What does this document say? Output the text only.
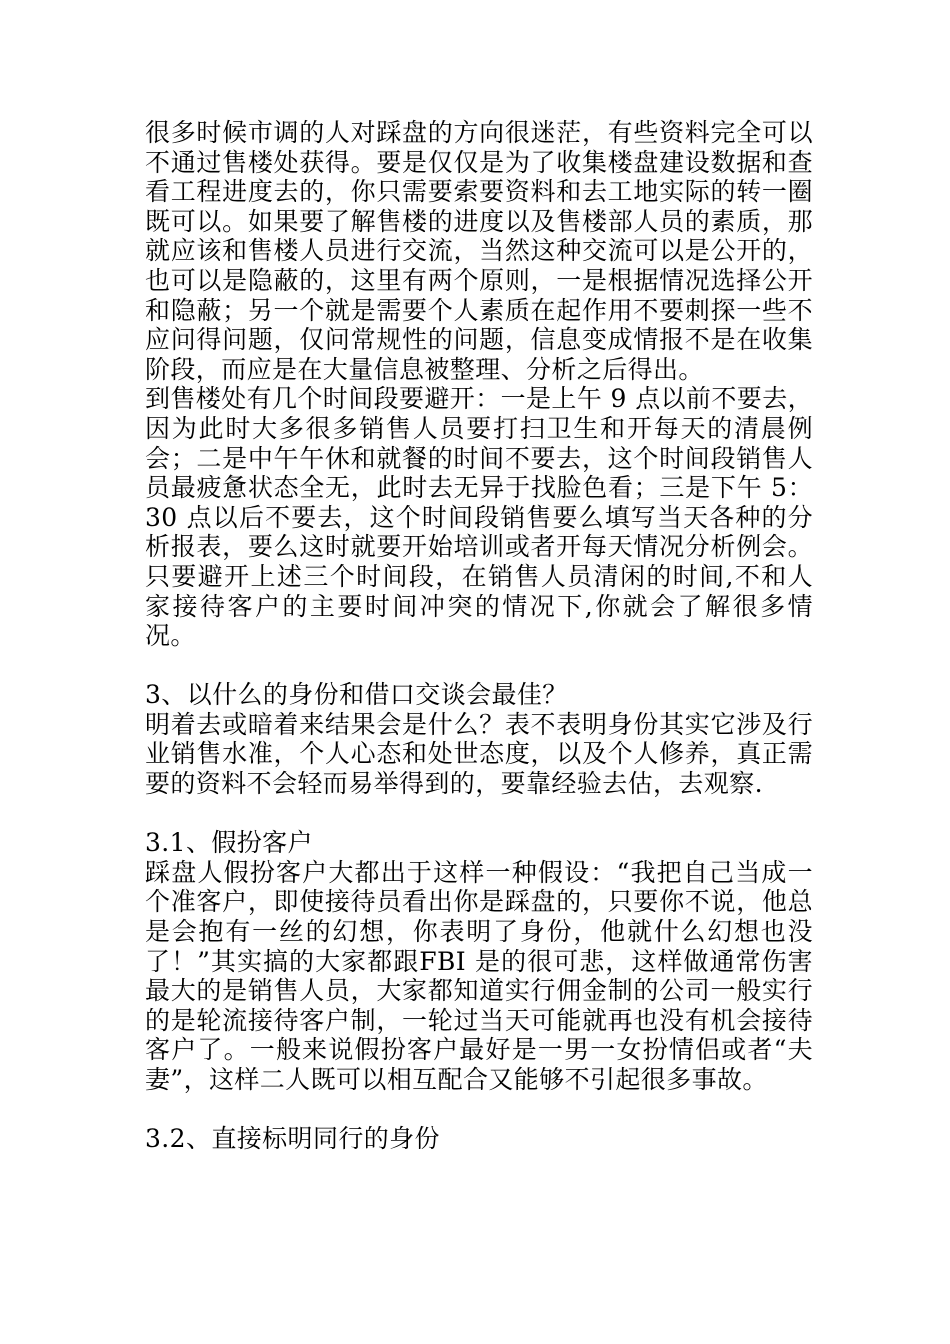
很多时候市调的人对踩盘的方向很迷茫，有些资料完全可以不通过售楼处获得。要是仅仅是为了收集楼盘建设数据和查看工程进度去的，你只需要索要资料和去工地实际的转一圈既可以。如果要了解售楼的进度以及售楼部人员的素质，那就应该和售楼人员进行交流，当然这种交流可以是公开的，也可以是隐蔽的，这里有两个原则，一是根据情况选择公开和隐蔽；另一个就是需要个人素质在起作用不要刺探一些不应问得问题，仅问常规性的问题，信息变成情报不是在收集阶段，而应是在大量信息被整理、分析之后得出。

到售楼处有几个时间段要避开：一是上午 9 点以前不要去，因为此时大多很多销售人员要打扫卫生和开每天的清晨例会；二是中午午休和就餐的时间不要去，这个时间段销售人员最疲惫状态全无，此时去无异于找脸色看；三是下午 5：30 点以后不要去，这个时间段销售要么填写当天各种的分析报表，要么这时就要开始培训或者开每天情况分析例会。只要避开上述三个时间段，在销售人员清闲的时间,不和人家接待客户的主要时间冲突的情况下,你就会了解很多情况。

3、以什么的身份和借口交谈会最佳？

明着去或暗着来结果会是什么？表不表明身份其实它涉及行业销售水准，个人心态和处世态度，以及个人修养，真正需要的资料不会轻而易举得到的，要靠经验去估，去观察.

3.1、假扮客户

踩盘人假扮客户大都出于这样一种假设：“我把自己当成一个准客户，即使接待员看出你是踩盘的，只要你不说，他总是会抱有一丝的幻想，你表明了身份，他就什么幻想也没了！”其实搞的大家都跟FBI 是的很可悲，这样做通常伤害最大的是销售人员，大家都知道实行佣金制的公司一般实行的是轮流接待客户制，一轮过当天可能就再也没有机会接待客户了。一般来说假扮客户最好是一男一女扮情侣或者“夫妻”，这样二人既可以相互配合又能够不引起很多事故。

3.2、直接标明同行的身份
